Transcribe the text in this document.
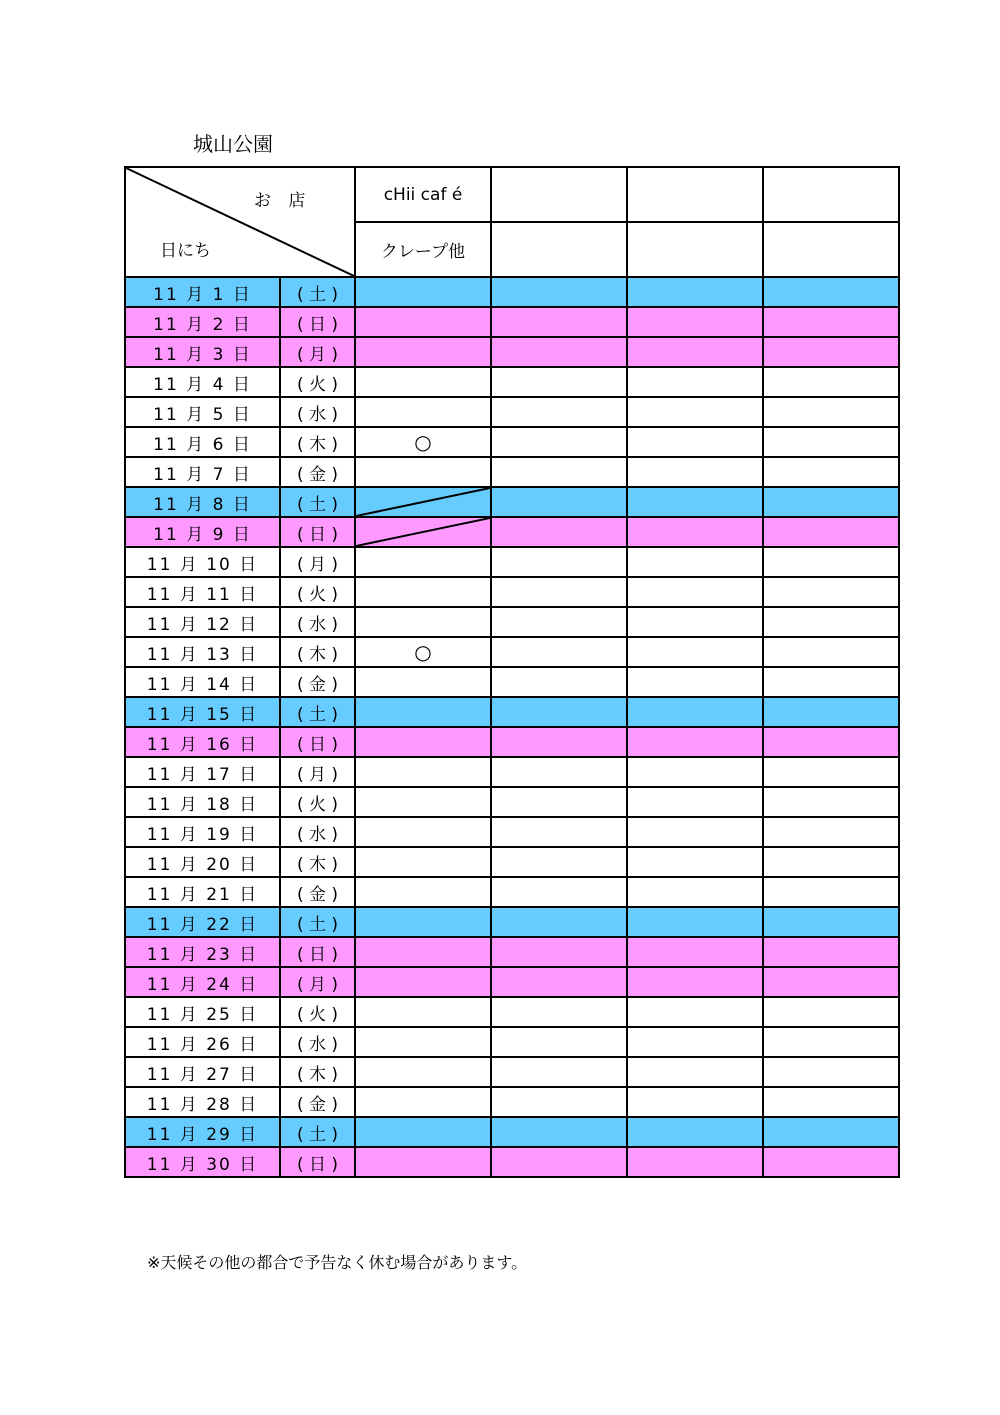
城山公園
お 店
日にち		cHii caf é			
		クレープ他			
11 月 1 日	( 土 )				
11 月 2 日	( 日 )				
11 月 3 日	( 月 )				
11 月 4 日	( 火 )				
11 月 5 日	( 水 )				
11 月 6 日	( 木 )	○			
11 月 7 日	( 金 )				
11 月 8 日	( 土 )	

11 月 9 日	( 日 )	

11 月 10 日	( 月 )				
11 月 11 日	( 火 )				
11 月 12 日	( 水 )				
11 月 13 日	( 木 )	○			
11 月 14 日	( 金 )				
11 月 15 日	( 土 )				
11 月 16 日	( 日 )				
11 月 17 日	( 月 )				
11 月 18 日	( 火 )				
11 月 19 日	( 水 )				
11 月 20 日	( 木 )				
11 月 21 日	( 金 )				
11 月 22 日	( 土 )				
11 月 23 日	( 日 )				
11 月 24 日	( 月 )				
11 月 25 日	( 火 )				
11 月 26 日	( 水 )				
11 月 27 日	( 木 )				
11 月 28 日	( 金 )				
11 月 29 日	( 土 )				
11 月 30 日	( 日 )				
※天候その他の都合で予告なく休む場合があります。
